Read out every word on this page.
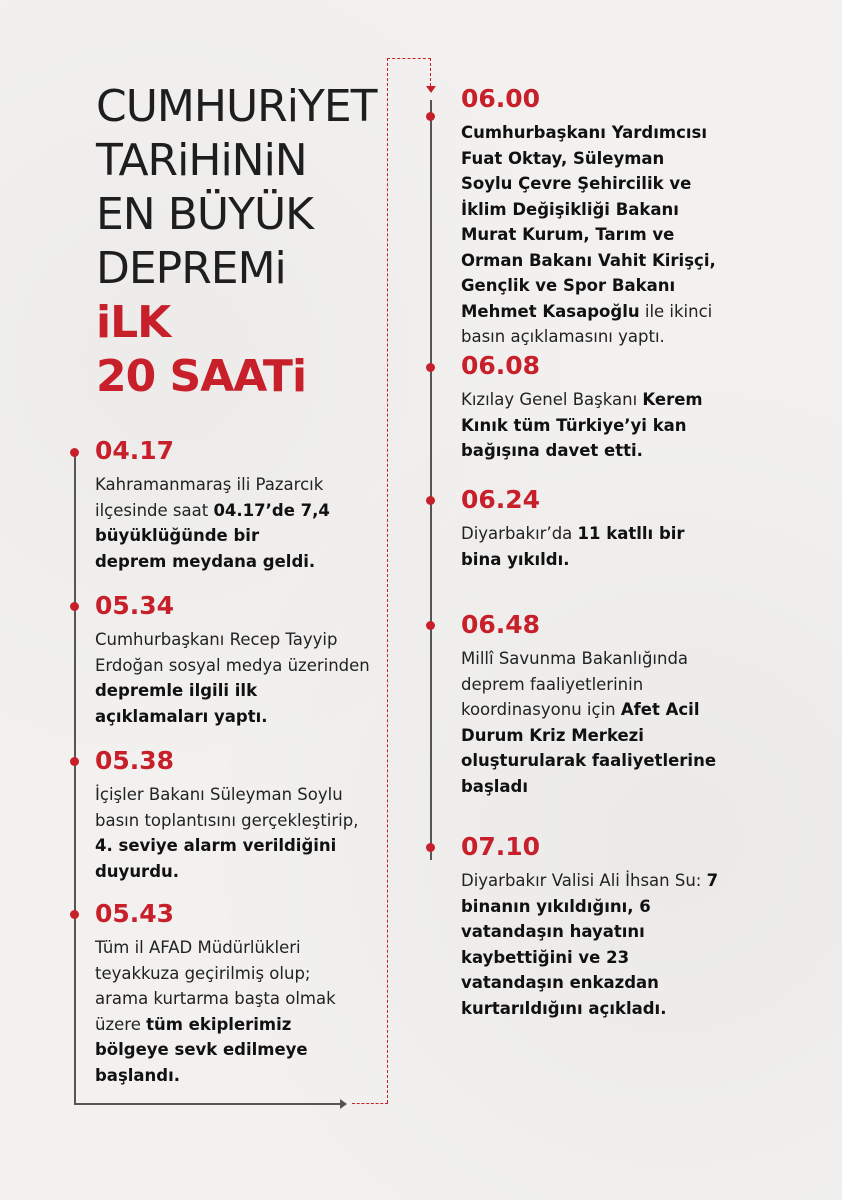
CUMHURiYET
TARiHiNiN
EN BÜYÜK
DEPREMi
iLK
20 SAATi
04.17
Kahramanmaraş ili Pazarcık ilçesinde saat 04.17’de 7,4 büyüklüğünde bir deprem meydana geldi.
05.34
Cumhurbaşkanı Recep Tayyip Erdoğan sosyal medya üzerinden depremle ilgili ilk açıklamaları yaptı.
05.38
İçişler Bakanı Süleyman Soylu basın toplantısını gerçekleştirip, 4. seviye alarm verildiğini duyurdu.
05.43
Tüm il AFAD Müdürlükleri teyakkuza geçirilmiş olup; arama kurtarma başta olmak üzere tüm ekiplerimiz bölgeye sevk edilmeye başlandı.
06.00
Cumhurbaşkanı Yardımcısı Fuat Oktay, Süleyman Soylu Çevre Şehircilik ve İklim Değişikliği Bakanı Murat Kurum, Tarım ve Orman Bakanı Vahit Kirişçi, Gençlik ve Spor Bakanı Mehmet Kasapoğlu ile ikinci basın açıklamasını yaptı.
06.08
Kızılay Genel Başkanı Kerem Kınık tüm Türkiye’yi kan bağışına davet etti.
06.24
Diyarbakır’da 11 katllı bir bina yıkıldı.
06.48
Millî Savunma Bakanlığında deprem faaliyetlerinin koordinasyonu için Afet Acil Durum Kriz Merkezi oluşturularak faaliyetlerine başladı
07.10
Diyarbakır Valisi Ali İhsan Su: 7 binanın yıkıldığını, 6 vatandaşın hayatını kaybettiğini ve 23 vatandaşın enkazdan kurtarıldığını açıkladı.
